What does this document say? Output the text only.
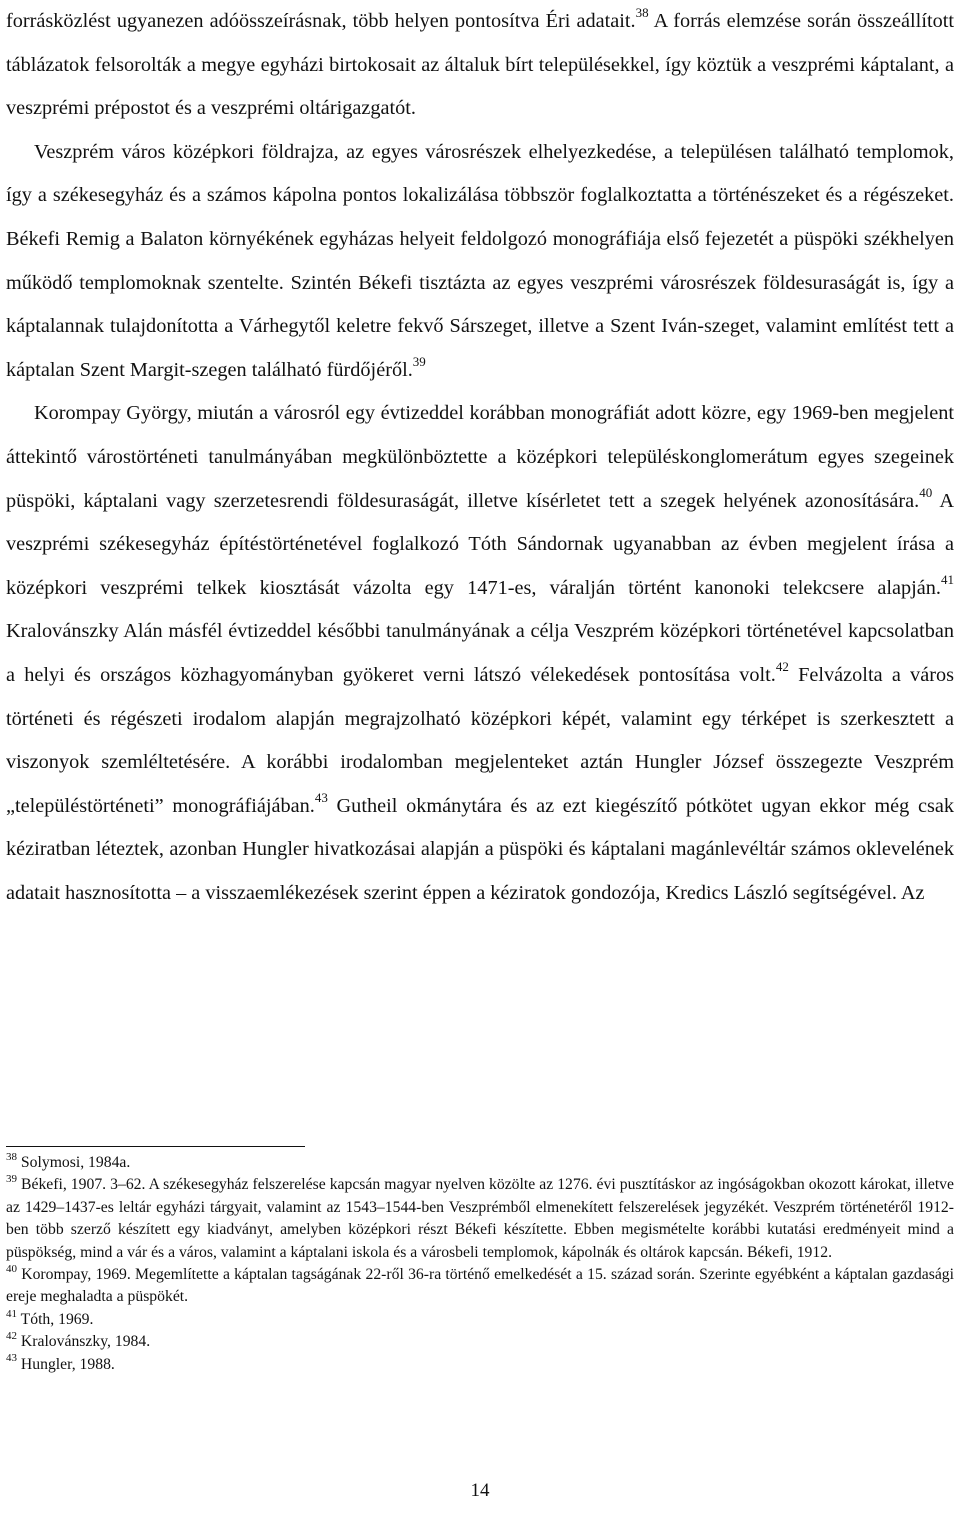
forrásközlést ugyanezen adóösszeírásnak, több helyen pontosítva Éri adatait.$^{38}$ A forrás elemzése során összeállított táblázatok felsorolták a megye egyházi birtokosait az általuk bírt településekkel, így köztük a veszprémi káptalant, a veszprémi prépostot és a veszprémi oltárigazgatót.

Veszprém város középkori földrajza, az egyes városrészek elhelyezkedése, a településen található templomok, így a székesegyház és a számos kápolna pontos lokalizálása többször foglalkoztatta a történészeket és a régészeket. Békefi Remig a Balaton környékének egyházas helyeit feldolgozó monográfiája első fejezetét a püspöki székhelyen működő templomoknak szentelte. Szintén Békefi tisztázta az egyes veszprémi városrészek földesuraságát is, így a káptalannak tulajdonította a Várhegytől keletre fekvő Sárszeget, illetve a Szent Iván-szeget, valamint említést tett a káptalan Szent Margit-szegen található fürdőjéről.$^{39}$

Korompay György, miután a városról egy évtizeddel korábban monográfiát adott közre, egy 1969-ben megjelent áttekintő várostörténeti tanulmányában megkülönböztette a középkori településkonglomerátum egyes szegeinek püspöki, káptalani vagy szerzetesrendi földesuraságát, illetve kísérletet tett a szegek helyének azonosítására.$^{40}$ A veszprémi székesegyház építéstörténetével foglalkozó Tóth Sándornak ugyanabban az évben megjelent írása a középkori veszprémi telkek kiosztását vázolta egy 1471-es, váralján történt kanonoki telekcsere alapján.$^{41}$ Kralovánszky Alán másfél évtizeddel későbbi tanulmányának a célja Veszprém középkori történetével kapcsolatban a helyi és országos közhagyományban gyökeret verni látszó vélekedések pontosítása volt.$^{42}$ Felvázolta a város történeti és régészeti irodalom alapján megrajzolható középkori képét, valamint egy térképet is szerkesztett a viszonyok szemléltetésére. A korábbi irodalomban megjelenteket aztán Hungler József összegezte Veszprém „településtörténeti” monográfiájában.$^{43}$ Gutheil okmánytára és az ezt kiegészítő pótkötet ugyan ekkor még csak kéziratban léteztek, azonban Hungler hivatkozásai alapján a püspöki és káptalani magánlevéltár számos oklevelének adatait hasznosította – a visszaemlékezések szerint éppen a kéziratok gondozója, Kredics László segítségével. Az

$^{38}$ Solymosi, 1984a.

$^{39}$ Békefi, 1907. 3–62. A székesegyház felszerelése kapcsán magyar nyelven közölte az 1276. évi pusztításkor az ingóságokban okozott károkat, illetve az 1429–1437-es leltár egyházi tárgyait, valamint az 1543–1544-ben Veszprémből elmenekített felszerelések jegyzékét. Veszprém történetéről 1912-ben több szerző készített egy kiadványt, amelyben középkori részt Békefi készítette. Ebben megismételte korábbi kutatási eredményeit mind a püspökség, mind a vár és a város, valamint a káptalani iskola és a városbeli templomok, kápolnák és oltárok kapcsán. Békefi, 1912.

$^{40}$ Korompay, 1969. Megemlítette a káptalan tagságának 22-ről 36-ra történő emelkedését a 15. század során. Szerinte egyébként a káptalan gazdasági ereje meghaladta a püspökét.

$^{41}$ Tóth, 1969.

$^{42}$ Kralovánszky, 1984.

$^{43}$ Hungler, 1988.

14
